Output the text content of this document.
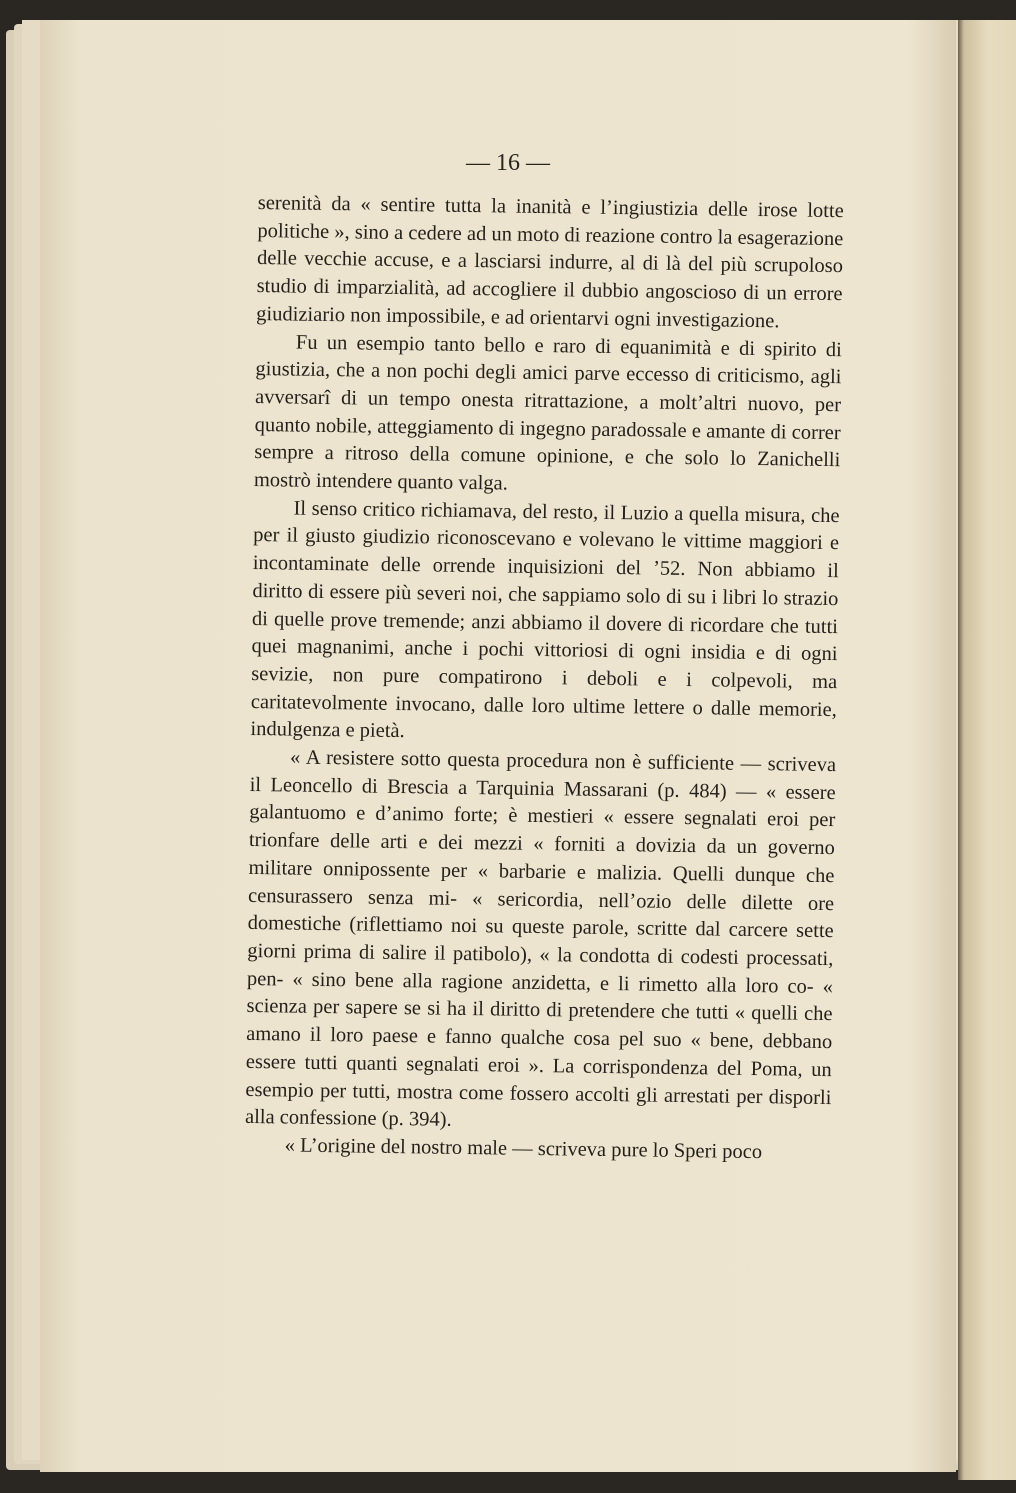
— 16 —

serenità da « sentire tutta la inanità e l’ingiustizia delle irose lotte politiche », sino a cedere ad un moto di reazione contro la esagerazione delle vecchie accuse, e a lasciarsi indurre, al di là del più scrupoloso studio di imparzialità, ad accogliere il dubbio angoscioso di un errore giudiziario non impossibile, e ad orientarvi ogni investigazione.

Fu un esempio tanto bello e raro di equanimità e di spirito di giustizia, che a non pochi degli amici parve eccesso di criticismo, agli avversarî di un tempo onesta ritrattazione, a molt’altri nuovo, per quanto nobile, atteggiamento di ingegno paradossale e amante di correr sempre a ritroso della comune opinione, e che solo lo Zanichelli mostrò intendere quanto valga.

Il senso critico richiamava, del resto, il Luzio a quella misura, che per il giusto giudizio riconoscevano e volevano le vittime maggiori e incontaminate delle orrende inquisizioni del ’52. Non abbiamo il diritto di essere più severi noi, che sappiamo solo di su i libri lo strazio di quelle prove tremende; anzi abbiamo il dovere di ricordare che tutti quei magnanimi, anche i pochi vittoriosi di ogni insidia e di ogni sevizie, non pure compatirono i deboli e i colpevoli, ma caritatevolmente invocano, dalle loro ultime lettere o dalle memorie, indulgenza e pietà.

« A resistere sotto questa procedura non è sufficiente — scriveva il Leoncello di Brescia a Tarquinia Massarani (p. 484) — « essere galantuomo e d’animo forte; è mestieri « essere segnalati eroi per trionfare delle arti e dei mezzi « forniti a dovizia da un governo militare onnipossente per « barbarie e malizia. Quelli dunque che censurassero senza mi- « sericordia, nell’ozio delle dilette ore domestiche (riflettiamo noi su queste parole, scritte dal carcere sette giorni prima di salire il patibolo), « la condotta di codesti processati, pen- « sino bene alla ragione anzidetta, e li rimetto alla loro co- « scienza per sapere se si ha il diritto di pretendere che tutti « quelli che amano il loro paese e fanno qualche cosa pel suo « bene, debbano essere tutti quanti segnalati eroi ». La corrispondenza del Poma, un esempio per tutti, mostra come fossero accolti gli arrestati per disporli alla confessione (p. 394).

« L’origine del nostro male — scriveva pure lo Speri poco
